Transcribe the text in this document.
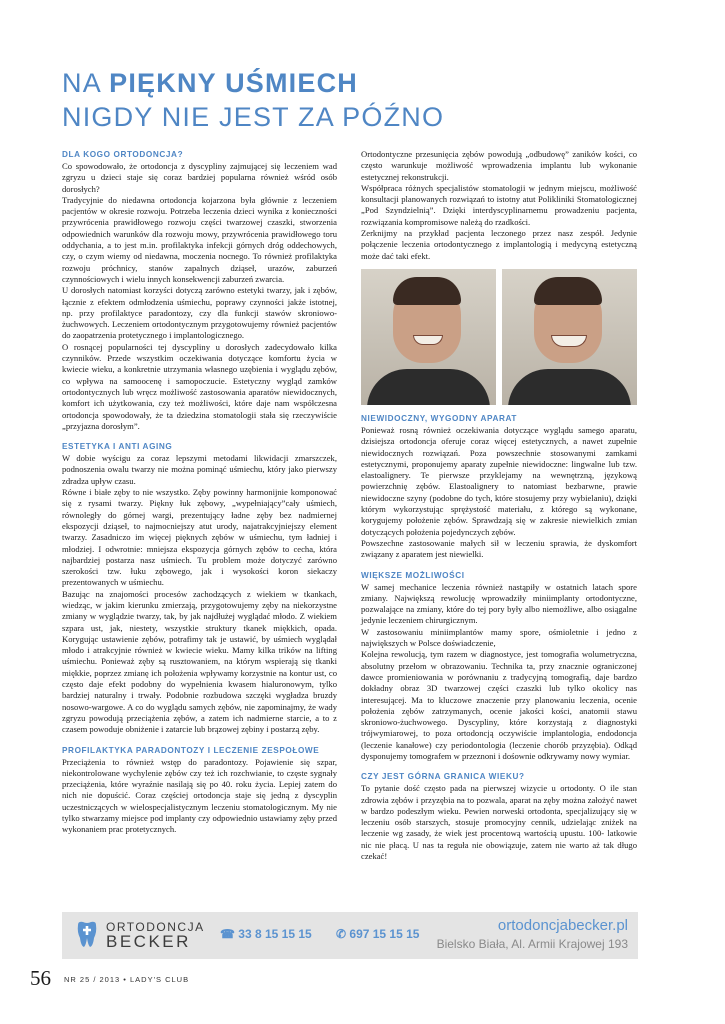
NA PIĘKNY UŚMIECH
NIGDY NIE JEST ZA PÓŹNO
DLA KOGO ORTODONCJA?

Co spowodowało, że ortodoncja z dyscypliny zajmującej się leczeniem wad zgryzu u dzieci staje się coraz bardziej popularna również wśród osób dorosłych?

Tradycyjnie do niedawna ortodoncja kojarzona była głównie z leczeniem pacjentów w okresie rozwoju. Potrzeba leczenia dzieci wynika z konieczności przywrócenia prawidłowego rozwoju części twarzowej czaszki, stworzenia odpowiednich warunków dla rozwoju mowy, przywrócenia prawidłowego toru oddychania, a to jest m.in. profilaktyka infekcji górnych dróg oddechowych, czy, o czym wiemy od niedawna, moczenia nocnego. To również profilaktyka rozwoju próchnicy, stanów zapalnych dziąseł, urazów, zaburzeń czynnościowych i wielu innych konsekwencji zaburzeń zwarcia.

U dorosłych natomiast korzyści dotyczą zarówno estetyki twarzy, jak i zębów, łącznie z efektem odmłodzenia uśmiechu, poprawy czynności jakże istotnej, np. przy profilaktyce paradontozy, czy dla funkcji stawów skroniowo-żuchwowych. Leczeniem ortodontycznym przygotowujemy również pacjentów do zaopatrzenia protetycznego i implantologicznego.

O rosnącej popularności tej dyscypliny u dorosłych zadecydowało kilka czynników. Przede wszystkim oczekiwania dotyczące komfortu życia w kwiecie wieku, a konkretnie utrzymania własnego uzębienia i wyglądu zębów, co wpływa na samoocenę i samopoczucie. Estetyczny wygląd zamków ortodontycznych lub wręcz możliwość zastosowania aparatów niewidocznych, komfort ich użytkowania, czy też możliwości, które daje nam współczesna ortodoncja spowodowały, że ta dziedzina stomatologii stała się rzeczywiście „przyjazna dorosłym”.

ESTETYKA I ANTI AGING

W dobie wyścigu za coraz lepszymi metodami likwidacji zmarszczek, podnoszenia owalu twarzy nie można pominąć uśmiechu, który jako pierwszy zdradza upływ czasu.

Równe i białe zęby to nie wszystko. Zęby powinny harmonijnie komponować się z rysami twarzy. Piękny łuk zębowy, „wypełniający”cały uśmiech, równoległy do górnej wargi, prezentujący ładne zęby bez nadmiernej ekspozycji dziąseł, to najmocniejszy atut urody, najatrakcyjniejszy element twarzy. Zasadniczo im więcej pięknych zębów w uśmiechu, tym ładniej i młodziej. I odwrotnie: mniejsza ekspozycja górnych zębów to cecha, która najbardziej postarza nasz uśmiech. Tu problem może dotyczyć zarówno szerokości tzw. łuku zębowego, jak i wysokości koron siekaczy prezentowanych w uśmiechu.

Bazując na znajomości procesów zachodzących z wiekiem w tkankach, wiedząc, w jakim kierunku zmierzają, przygotowujemy zęby na niekorzystne zmiany w wyglądzie twarzy, tak, by jak najdłużej wyglądać młodo. Z wiekiem szpara ust, jak, niestety, wszystkie struktury tkanek miękkich, opada. Korygując ustawienie zębów, potrafimy tak je ustawić, by uśmiech wyglądał młodo i atrakcyjnie również w kwiecie wieku. Mamy kilka trików na lifting uśmiechu. Ponieważ zęby są rusztowaniem, na którym wspierają się tkanki miękkie, poprzez zmianę ich położenia wpływamy korzystnie na kontur ust, co często daje efekt podobny do wypełnienia kwasem hialuronowym, tylko bardziej naturalny i trwały. Podobnie rozbudowa szczęki wygładza bruzdy nosowo-wargowe. A co do wyglądu samych zębów, nie zapominajmy, że wady zgryzu powodują przeciążenia zębów, a zatem ich nadmierne starcie, a to z czasem powoduje obniżenie i zatarcie lub brązowej zębiny i postarzą zęby.

PROFILAKTYKA PARADONTOZY I LECZENIE ZESPOŁOWE

Przeciążenia to również wstęp do paradontozy. Pojawienie się szpar, niekontrolowane wychylenie zębów czy też ich rozchwianie, to częste sygnały przeciążenia, które wyraźnie nasilają się po 40. roku życia. Lepiej zatem do nich nie dopuścić. Coraz częściej ortodoncja staje się jedną z dyscyplin uczestniczących w wielospecjalistycznym leczeniu stomatologicznym. My nie tylko stwarzamy miejsce pod implanty czy odpowiednio ustawiamy zęby przed wykonaniem prac protetycznych.

Ortodontyczne przesunięcia zębów powodują „odbudowę” zaników kości, co często warunkuje możliwość wprowadzenia implantu lub wykonanie estetycznej rekonstrukcji.

Współpraca różnych specjalistów stomatologii w jednym miejscu, możliwość konsultacji planowanych rozwiązań to istotny atut Polikliniki Stomatologicznej „Pod Szyndzielnią”. Dzięki interdyscyplinarnemu prowadzeniu pacjenta, rozwiązania kompromisowe należą do rzadkości.

Zerknijmy na przykład pacjenta leczonego przez nasz zespół. Jedynie połączenie leczenia ortodontycznego z implantologią i medycyną estetyczną może dać taki efekt.

NIEWIDOCZNY, WYGODNY APARAT

Ponieważ rosną również oczekiwania dotyczące wyglądu samego aparatu, dzisiejsza ortodoncja oferuje coraz więcej estetycznych, a nawet zupełnie niewidocznych rozwiązań. Poza powszechnie stosowanymi zamkami estetycznymi, proponujemy aparaty zupełnie niewidoczne: lingwalne lub tzw. elastoalignery. Te pierwsze przyklejamy na wewnętrzną, językową powierzchnię zębów. Elastoalignery to natomiast bezbarwne, prawie niewidoczne szyny (podobne do tych, które stosujemy przy wybielaniu), dzięki którym wykorzystując sprężystość materiału, z którego są wykonane, korygujemy położenie zębów. Sprawdzają się w zakresie niewielkich zmian dotyczących położenia pojedynczych zębów.

Powszechne zastosowanie małych sił w leczeniu sprawia, że dyskomfort związany z aparatem jest niewielki.

WIĘKSZE MOŻLIWOŚCI

W samej mechanice leczenia również nastąpiły w ostatnich latach spore zmiany. Największą rewolucję wprowadziły miniimplanty ortodontyczne, pozwalające na zmiany, które do tej pory były albo niemożliwe, albo osiągalne jedynie leczeniem chirurgicznym.

W zastosowaniu miniimplantów mamy spore, ośmioletnie i jedno z największych w Polsce doświadczenie,

Kolejna rewolucją, tym razem w diagnostyce, jest tomografia wolumetryczna, absolutny przełom w obrazowaniu. Technika ta, przy znacznie ograniczonej dawce promieniowania w porównaniu z tradycyjną tomografią, daje bardzo dokładny obraz 3D twarzowej części czaszki lub tylko okolicy nas interesującej. Ma to kluczowe znaczenie przy planowaniu leczenia, ocenie położenia zębów zatrzymanych, ocenie jakości kości, anatomii stawu skroniowo-żuchwowego. Dyscypliny, które korzystają z diagnostyki trójwymiarowej, to poza ortodoncją oczywiście implantologia, endodoncja (leczenie kanałowe) czy periodontologia (leczenie chorób przyzębia). Odkąd dysponujemy tomografem w przeznoni i dośownie odkrywamy nowy wymiar.

CZY JEST GÓRNA GRANICA WIEKU?

To pytanie dość często pada na pierwszej wizycie u ortodonty. O ile stan zdrowia zębów i przyzębia na to pozwala, aparat na zęby można założyć nawet w bardzo podeszłym wieku. Pewien norweski ortodonta, specjalizujący się w leczeniu osób starszych, stosuje promocyjny cennik, udzielając zniżek na leczenie wg zasady, że wiek jest procentową wartością upustu. 100- latkowie nic nie płacą. U nas ta reguła nie obowiązuje, zatem nie warto aż tak długo czekać!

ORTODONCJA
BECKER ☎ 33 8 15 15 15 ✆ 697 15 15 15	ortodoncjabecker.pl
Bielsko Biała, Al. Armii Krajowej 193
56 NR 25 / 2013 • LADY'S CLUB
